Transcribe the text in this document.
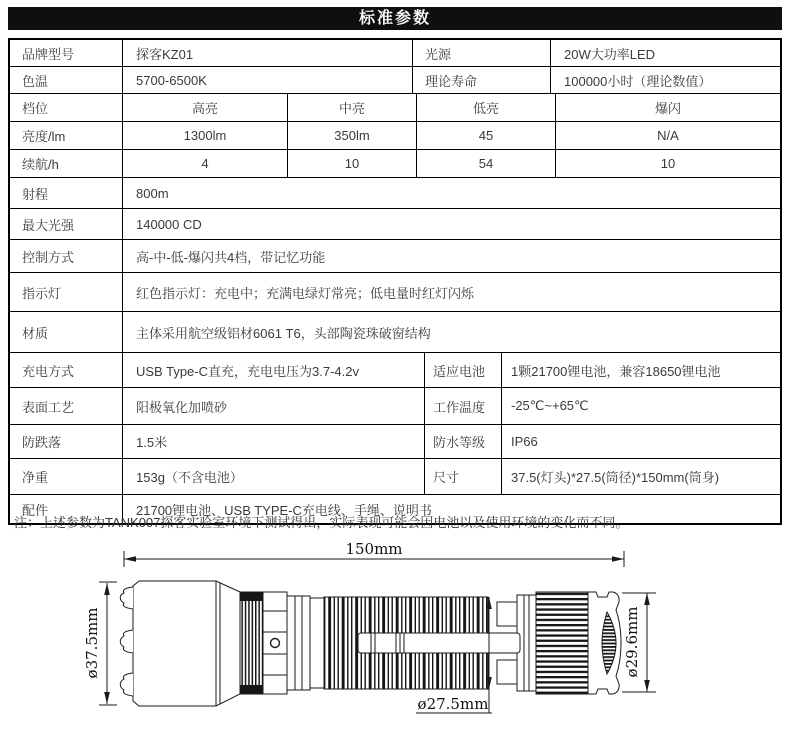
标准参数
品牌型号	探客KZ01	光源	20W大功率LED
色温	5700-6500K	理论寿命	100000小时（理论数值）
档位	高亮	中亮	低亮	爆闪
亮度/lm	1300lm	350lm	45	N/A
续航/h	4	10	54	10
射程	800m
最大光强	140000 CD
控制方式	高-中-低-爆闪共4档，带记忆功能
指示灯	红色指示灯：充电中；充满电绿灯常亮；低电量时红灯闪烁
材质	主体采用航空级铝材6061 T6，头部陶瓷珠破窗结构
充电方式	USB Type-C直充，充电电压为3.7-4.2v	适应电池	1颗21700锂电池，兼容18650锂电池
表面工艺	阳极氧化加喷砂	工作温度	-25℃~+65℃
防跌落	1.5米	防水等级	IP66
净重	153g（不含电池）	尺寸	37.5(灯头)*27.5(筒径)*150mm(筒身)
配件	21700锂电池、USB TYPE-C充电线、手绳、说明书
注：上述参数为TANK007探客实验室环境下测试得出，实际表现可能会因电池以及使用环境的变化而不同。
150mm
ø37.5mm	ø29.6mm
ø27.5mm
